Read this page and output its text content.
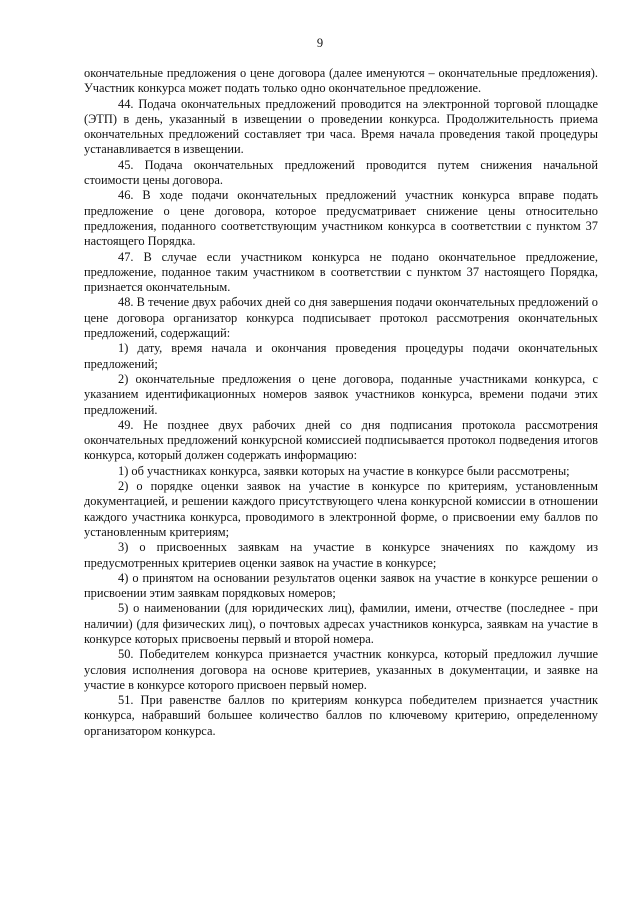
9

окончательные предложения о цене договора (далее именуются – окончательные предложения). Участник конкурса может подать только одно окончательное предложение.

44. Подача окончательных предложений проводится на электронной торговой площадке (ЭТП) в день, указанный в извещении о проведении конкурса. Продолжительность приема окончательных предложений составляет три часа. Время начала проведения такой процедуры устанавливается в извещении.

45. Подача окончательных предложений проводится путем снижения начальной стоимости цены договора.

46. В ходе подачи окончательных предложений участник конкурса вправе подать предложение о цене договора, которое предусматривает снижение цены относительно предложения, поданного соответствующим участником конкурса в соответствии с пунктом 37 настоящего Порядка.

47. В случае если участником конкурса не подано окончательное предложение, предложение, поданное таким участником в соответствии с пунктом 37 настоящего Порядка, признается окончательным.

48. В течение двух рабочих дней со дня завершения подачи окончательных предложений о цене договора организатор конкурса подписывает протокол рассмотрения окончательных предложений, содержащий:

1) дату, время начала и окончания проведения процедуры подачи окончательных предложений;

2) окончательные предложения о цене договора, поданные участниками конкурса, с указанием идентификационных номеров заявок участников конкурса, времени подачи этих предложений.

49. Не позднее двух рабочих дней со дня подписания протокола рассмотрения окончательных предложений конкурсной комиссией подписывается протокол подведения итогов конкурса, который должен содержать информацию:

1) об участниках конкурса, заявки которых на участие в конкурсе были рассмотрены;

2) о порядке оценки заявок на участие в конкурсе по критериям, установленным документацией, и решении каждого присутствующего члена конкурсной комиссии в отношении каждого участника конкурса, проводимого в электронной форме, о присвоении ему баллов по установленным критериям;

3) о присвоенных заявкам на участие в конкурсе значениях по каждому из предусмотренных критериев оценки заявок на участие в конкурсе;

4) о принятом на основании результатов оценки заявок на участие в конкурсе решении о присвоении этим заявкам порядковых номеров;

5) о наименовании (для юридических лиц), фамилии, имени, отчестве (последнее - при наличии) (для физических лиц), о почтовых адресах участников конкурса, заявкам на участие в конкурсе которых присвоены первый и второй номера.

50. Победителем конкурса признается участник конкурса, который предложил лучшие условия исполнения договора на основе критериев, указанных в документации, и заявке на участие в конкурсе которого присвоен первый номер.

51. При равенстве баллов по критериям конкурса победителем признается участник конкурса, набравший большее количество баллов по ключевому критерию, определенному организатором конкурса.
